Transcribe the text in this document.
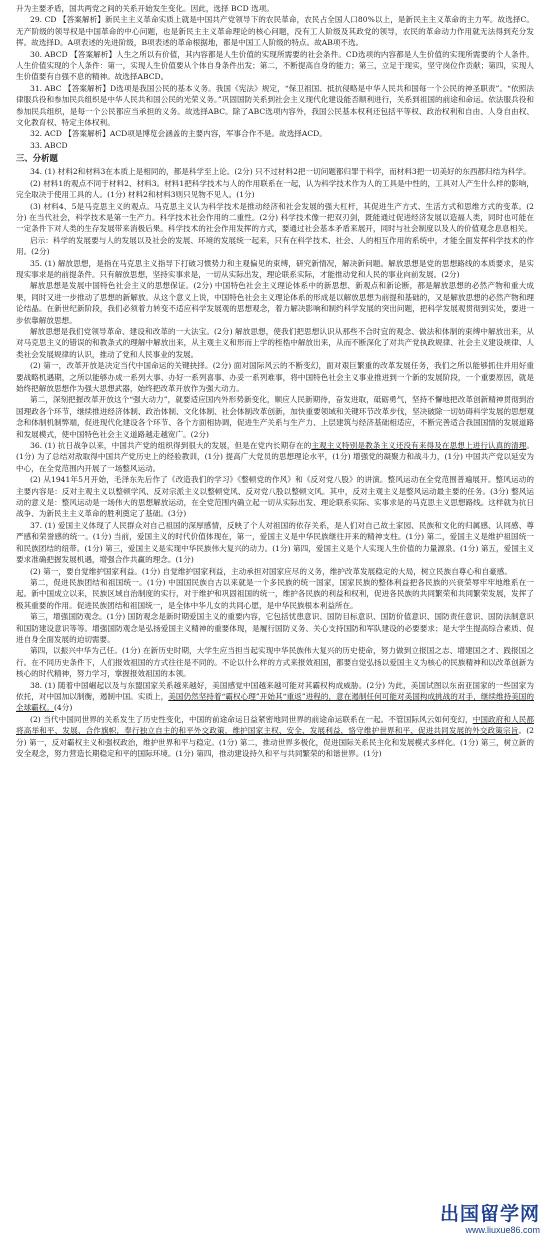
升为主要矛盾，国共两党之间的关系开始发生变化。因此，选择 BCD 选项。

29. CD 【答案解析】新民主主义革命实质上就是中国共产党领导下的农民革命，农民占全国人口80%以上，是新民主主义革命的主力军。故选择C。无产阶级的领导权是中国革命的中心问题，也是新民主主义革命理论的核心问题，没有工人阶级及其政党的领导，农民的革命动力作用就无法得到充分发挥。故选择D。A项表述的先进阶级，B项表述的革命根据地，都是中国工人阶级的特点。故AB项不选。

30. ABCD 【答案解析】人生之所以有价值，其内容都是人生价值的实现所需要的社会条件。CD选项的内容都是人生价值的实现所需要的个人条件。人生价值实现的个人条件：第一，实现人生价值要从个体自身条件出发；第二，不断提高自身的能力；第三，立足于现实，坚守岗位作贡献；第四，实现人生价值要有自强不息的精神。故选择ABCD。

31. ABC 【答案解析】D选项是我国公民的基本义务。我国《宪法》规定，“保卫祖国、抵抗侵略是中华人民共和国每一个公民的神圣职责”。“依照法律服兵役和参加民兵组织是中华人民共和国公民的光荣义务。”巩固国防关系到社会主义现代化建设能否顺利进行，关系到祖国的前途和命运。依法服兵役和参加民兵组织，是每一个公民都应当承担的义务。故选择ABC。除了ABC选项内容外，我国公民基本权利还包括平等权、政治权利和自由、人身自由权、文化教育权、特定主体权利。

32. ACD 【答案解析】ACD项是博览会涵盖的主要内容，军事合作不是。故选择ACD。

33. ABCD

三、分析题

34. (1) 材料2和材料3在本质上是相同的，都是科学至上论。(2分) 只不过材料2把一切问题都归罪于科学，而材料3把一切美好的东西都归结为科学。

(2) 材料1的观点不同于材料2、材料3。材料1把科学技术与人的作用联系在一起，认为科学技术作为人的工具是中性的，工具对人产生什么样的影响，完全取决于使用工具的人。(1分) 材料2和材料3则只见物不见人。(1分)

(3) 材料4、5是马克思主义的观点。马克思主义认为科学技术是推动经济和社会发展的强大杠杆，其促进生产方式、生活方式和思维方式的变革。(2分) 在当代社会，科学技术是第一生产力。科学技术社会作用的二重性。(2分) 科学技术像一把双刃剑，既能通过促进经济发展以造福人类，同时也可能在一定条件下对人类的生存发展带来消极后果。科学技术的社会作用发挥的方式，要通过社会基本矛盾来展开，同时与社会制度以及人的价值观念息息相关。

启示：科学的发展要与人的发展以及社会的发展、环境的发展统一起来，只有在科学技术、社会、人的相互作用的系统中，才能全面发挥科学技术的作用。(2分)

35. (1) 解放思想，是指在马克思主义指导下打破习惯势力和主观偏见的束缚，研究新情况，解决新问题。解放思想是党的思想路线的本质要求，是实现实事求是的前提条件。只有解放思想，坚持实事求是，一切从实际出发，理论联系实际，才能推动党和人民的事业向前发展。(2分)

解放思想是发展中国特色社会主义的思想保证。(2分) 中国特色社会主义理论体系中的新思想、新观点和新论断，都是解放思想的必然产物和重大成果，同时又进一步推动了思想的新解放。从这个意义上说，中国特色社会主义理论体系的形成是以解放思想为前提和基础的，又是解放思想的必然产物和理论结晶。在新世纪新阶段，我们必须着力转变不适应科学发展观的思想观念，着力解决影响和制约科学发展的突出问题，把科学发展观贯彻到实处，要进一步依靠解放思想。

解放思想是我们党领导革命、建设和改革的一大法宝。(2分) 解放思想，使我们把思想认识从那些不合时宜的观念、做法和体制的束缚中解放出来，从对马克思主义的错误的和教条式的理解中解放出来，从主观主义和形而上学的桎梏中解放出来，从而不断深化了对共产党执政规律、社会主义建设规律、人类社会发展规律的认识，推动了党和人民事业的发展。

(2) 第一，改革开放是决定当代中国命运的关键抉择。(2分) 面对国际风云的不断变幻，面对艰巨繁重的改革发展任务，我们之所以能够抓住并用好重要战略机遇期，之所以能够办成一系列大事、办好一系列喜事、办妥一系列难事，将中国特色社会主义事业推进到一个新的发展阶段，一个重要原因，就是始终把解放思想作为强大思想武器，始终把改革开放作为强大动力。

第二，深刻把握改革开放这个“强大动力”，就要适应国内外形势新变化，顺应人民新期待，奋发进取，砥砺勇气，坚持不懈地把改革创新精神贯彻到治国理政各个环节，继续推进经济体制、政治体制、文化体制、社会体制改革创新，加快重要领域和关键环节改革步伐，坚决破除一切妨碍科学发展的思想观念和体制机制弊端，促进现代化建设各个环节、各个方面相协调，促进生产关系与生产力、上层建筑与经济基础相适应，不断完善适合我国国情的发展道路和发展模式，使中国特色社会主义道路越走越宽广。(2分)

36. (1) 抗日战争以来，中国共产党的组织得到很大的发展，但是在党内长期存在的主观主义特别是教条主义还没有来得及在思想上进行认真的清理。(1分) 为了总结对敌取得中国共产党历史上的经验教训，(1分) 提高广大党员的思想理论水平，(1分) 增强党的凝聚力和战斗力，(1分) 中国共产党以延安为中心，在全党范围内开展了一场整风运动。

(2) 从1941年5月开始，毛泽东先后作了《改造我们的学习》《整顿党的作风》和《反对党八股》的讲演。整风运动在全党范围普遍展开。整风运动的主要内容是：反对主观主义以整顿学风、反对宗派主义以整顿党风、反对党八股以整顿文风。其中，反对主观主义是整风运动最主要的任务。(3分) 整风运动的意义是：整风运动是一场伟大的思想解放运动，在全党范围内确立起一切从实际出发、理论联系实际、实事求是的马克思主义思想路线。这样就为抗日战争、为新民主主义革命的胜利奠定了基础。(3分)

37. (1) 爱国主义体现了人民群众对自己祖国的深厚感情，反映了个人对祖国的依存关系，是人们对自己故土家园、民族和文化的归属感、认同感、尊严感和荣誉感的统一。(1分) 当前，爱国主义的时代价值体现在，第一，爱国主义是中华民族继往开来的精神支柱。(1分) 第二，爱国主义是维护祖国统一和民族团结的纽带。(1分) 第三，爱国主义是实现中华民族伟大复兴的动力。(1分) 第四，爱国主义是个人实现人生价值的力量源泉。(1分) 第五，爱国主义要求准确把握发展机遇，增强合作共赢的理念。(1分)

(2) 第一，要自觉维护国家利益。(1分) 自觉维护国家利益，主动承担对国家应尽的义务，维护改革发展稳定的大局，树立民族自尊心和自豪感。

第二，促进民族团结和祖国统一。(1分) 中国国民族自古以来就是一个多民族的统一国家，国家民族的整体利益把各民族的兴衰荣辱牢牢地维系在一起。新中国成立以来，民族区域自治制度的实行，对于维护和巩固祖国的统一，维护各民族的利益和权利，促进各民族的共同繁荣和共同繁荣发展，发挥了极其重要的作用。促进民族团结和祖国统一，是全体中华儿女的共同心愿，是中华民族根本利益所在。

第三，增强国防观念。(1分) 国防观念是新时期爱国主义的重要内容，它包括忧患意识、国防目标意识、国防价值意识、国防责任意识、国防法制意识和国防建设意识等等。增强国防观念是弘扬爱国主义精神的重要体现，是履行国防义务、关心支持国防和军队建设的必要要求；是大学生提高综合素质、促进自身全面发展的迫切需要。

第四，以振兴中华为己任。(1分) 在新历史时期，大学生应当担当起实现中华民族伟大复兴的历史使命，努力做到立报国之志、增建国之才、践报国之行。在不同历史条件下，人们报效祖国的方式往往是不同的。不论以什么样的方式来报效祖国，都要自觉弘扬以爱国主义为核心的民族精神和以改革创新为核心的时代精神，努力学习，掌握报效祖国的本领。

38. (1) 随着中国崛起以及与东盟国家关系越来越好，美国感觉中国越来越可能对其霸权构成威胁。(2分) 为此，美国试图以东南亚国家的一些国家为依托，对中国加以制衡，遏制中国。实质上，美国仍然坚持着“霸权心理”开始其“重返”进程的，意在遏制任何可能对美国构成挑战的对手，继续维持美国的全球霸权。(4分)

(2) 当代中国同世界的关系发生了历史性变化，中国的前途命运日益紧密地同世界的前途命运联系在一起。不管国际风云如何变幻，中国政府和人民都将高举和平、发展、合作旗帜，奉行独立自主的和平外交政策，维护国家主权、安全、发展利益，恪守维护世界和平、促进共同发展的外交政策宗旨。(2分) 第一，反对霸权主义和强权政治，维护世界和平与稳定。(1分) 第二，推动世界多极化，促进国际关系民主化和发展模式多样化。(1分) 第三，树立新的安全观念，努力营造长期稳定和平的国际环境。(1分) 第四，推动建设持久和平与共同繁荣的和谐世界。(1分)

出国留学网
www.liuxue86.com
